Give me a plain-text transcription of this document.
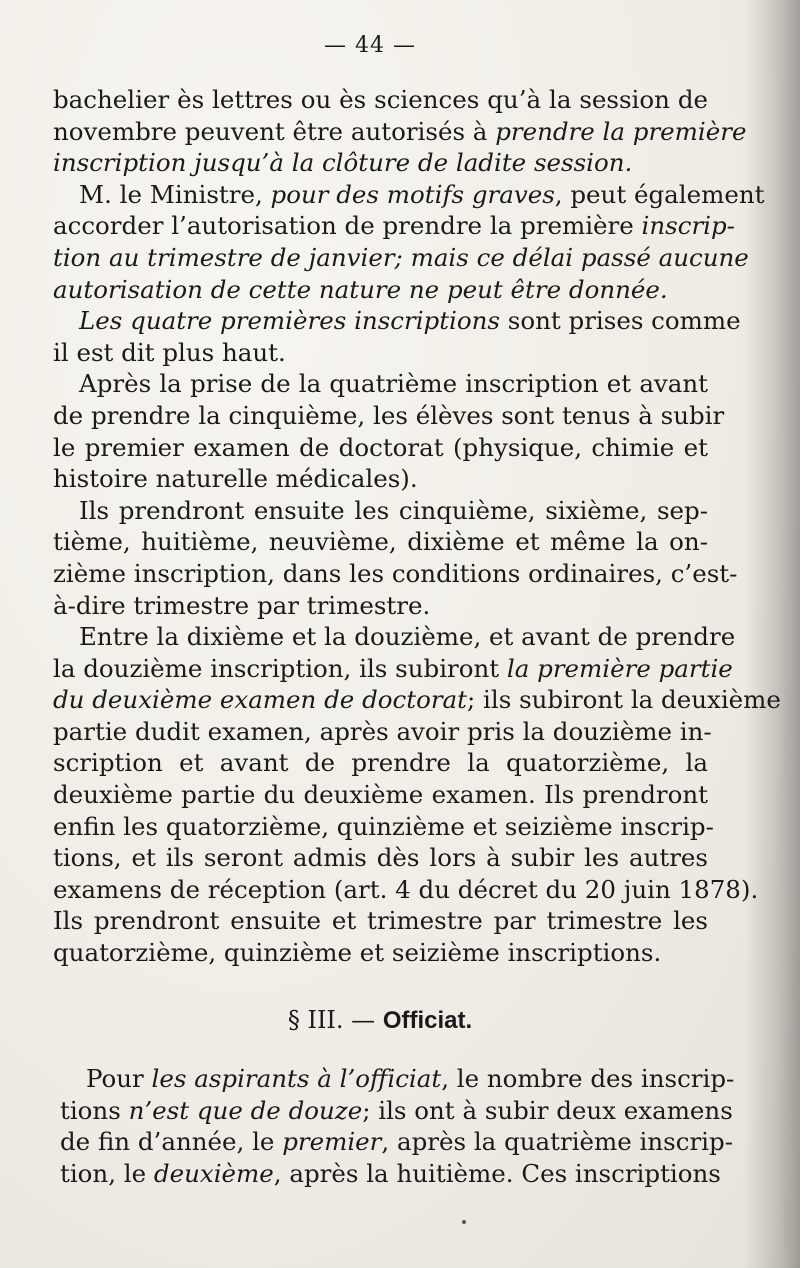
— 44 —
bachelier ès lettres ou ès sciences qu’à la session de
novembre peuvent être autorisés à prendre la première
inscription jusqu’à la clôture de ladite session.
M. le Ministre, pour des motifs graves, peut également
accorder l’autorisation de prendre la première inscrip-
tion au trimestre de janvier; mais ce délai passé aucune
autorisation de cette nature ne peut être donnée.
Les quatre premières inscriptions sont prises comme
il est dit plus haut.
Après la prise de la quatrième inscription et avant
de prendre la cinquième, les élèves sont tenus à subir
le premier examen de doctorat (physique, chimie et
histoire naturelle médicales).
Ils prendront ensuite les cinquième, sixième, sep-
tième, huitième, neuvième, dixième et même la on-
zième inscription, dans les conditions ordinaires, c’est-
à-dire trimestre par trimestre.
Entre la dixième et la douzième, et avant de prendre
la douzième inscription, ils subiront la première partie
du deuxième examen de doctorat; ils subiront la deuxième
partie dudit examen, après avoir pris la douzième in-
scription et avant de prendre la quatorzième, la
deuxième partie du deuxième examen. Ils prendront
enfin les quatorzième, quinzième et seizième inscrip-
tions, et ils seront admis dès lors à subir les autres
examens de réception (art. 4 du décret du 20 juin 1878).
Ils prendront ensuite et trimestre par trimestre les
quatorzième, quinzième et seizième inscriptions.
§ III. — Officiat.
Pour les aspirants à l’officiat, le nombre des inscrip-
tions n’est que de douze; ils ont à subir deux examens
de fin d’année, le premier, après la quatrième inscrip-
tion, le deuxième, après la huitième. Ces inscriptions
